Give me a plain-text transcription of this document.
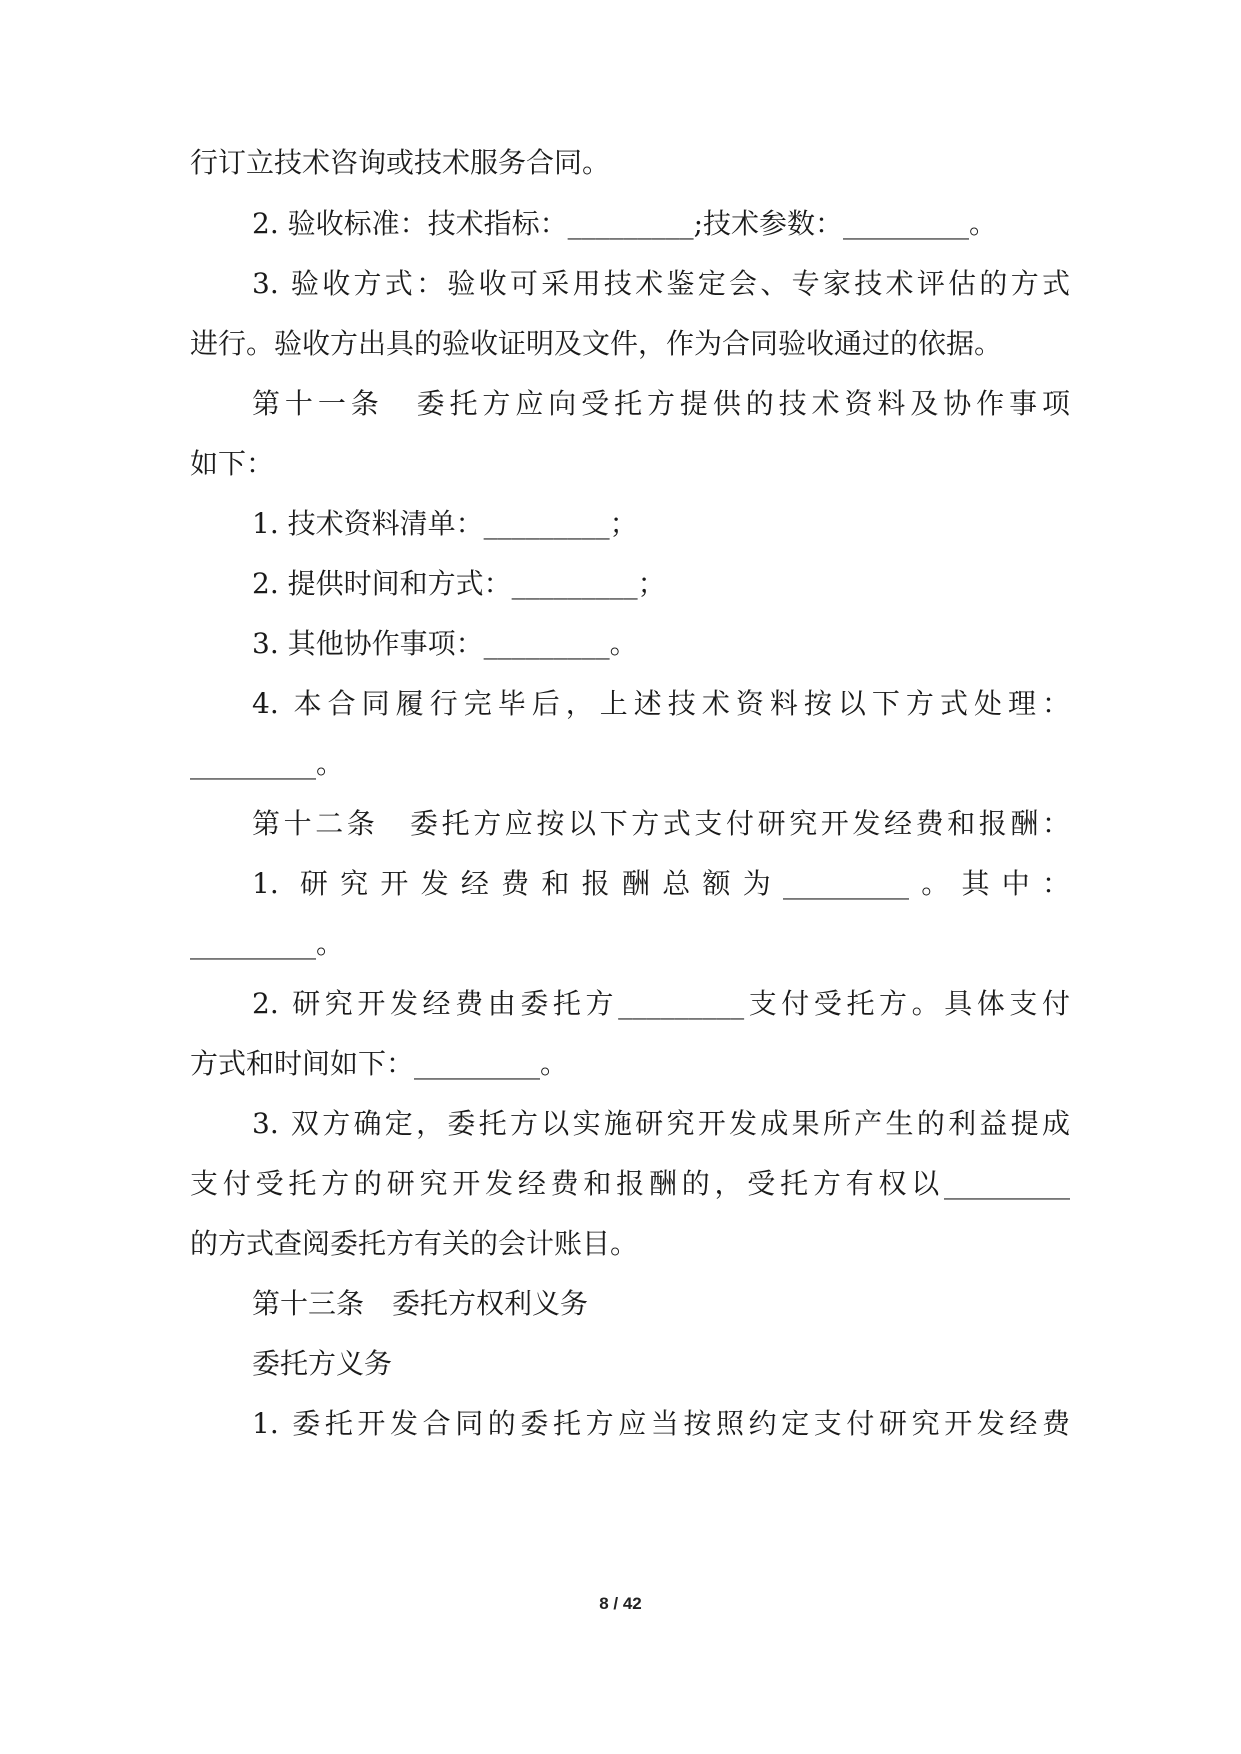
行订立技术咨询或技术服务合同。

2. 验收标准：技术指标：_________;技术参数：_________。

3. 验收方式：验收可采用技术鉴定会、专家技术评估的方式

进行。验收方出具的验收证明及文件，作为合同验收通过的依据。

第十一条　委托方应向受托方提供的技术资料及协作事项

如下：

1. 技术资料清单：_________；

2. 提供时间和方式：_________；

3. 其他协作事项：_________。

4. 本合同履行完毕后，上述技术资料按以下方式处理：

_________。

第十二条　委托方应按以下方式支付研究开发经费和报酬：

1. 研究开发经费和报酬总额为_________。其中：

_________。

2. 研究开发经费由委托方_________支付受托方。具体支付

方式和时间如下：_________。

3. 双方确定，委托方以实施研究开发成果所产生的利益提成

支付受托方的研究开发经费和报酬的，受托方有权以_________

的方式查阅委托方有关的会计账目。

第十三条　委托方权利义务

委托方义务

1. 委托开发合同的委托方应当按照约定支付研究开发经费

8 / 42
